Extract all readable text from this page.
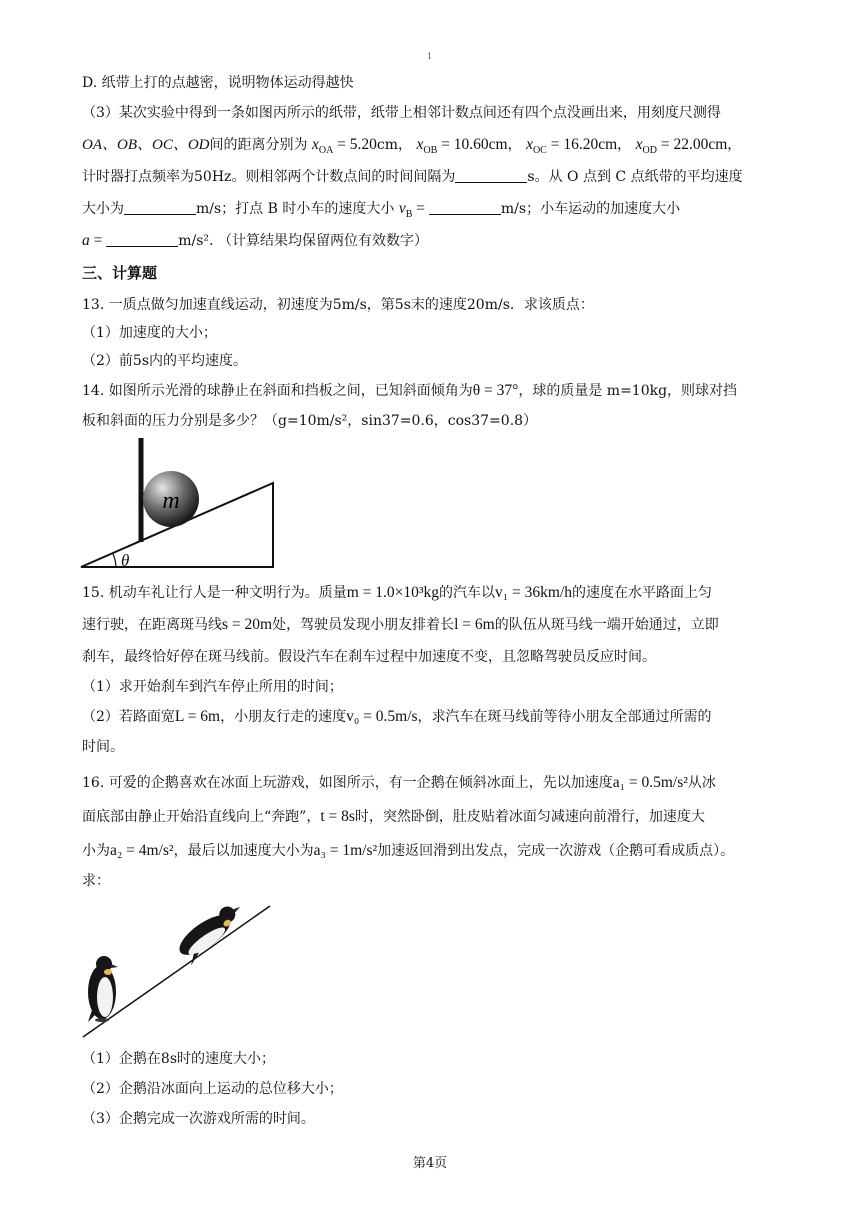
1
D. 纸带上打的点越密，说明物体运动得越快
（3）某次实验中得到一条如图丙所示的纸带，纸带上相邻计数点间还有四个点没画出来，用刻度尺测得
OA、OB、OC、OD间的距离分别为 $x_{OA} = 5.20cm$， $x_{OB} = 10.60cm$， $x_{OC} = 16.20cm$， $x_{OD} = 22.00cm$，
计时器打点频率为50Hz。则相邻两个计数点间的时间间隔为	s。从 O 点到 C 点纸带的平均速度
大小为	m/s；打点 B 时小车的速度大小 $v_B$ =	m/s；小车运动的加速度大小
a =	m/s². （计算结果均保留两位有效数字）
三、计算题
13. 一质点做匀加速直线运动，初速度为5m/s，第5s末的速度20m/s．求该质点：
（1）加速度的大小；
（2）前5s内的平均速度。
14. 如图所示光滑的球静止在斜面和挡板之间，已知斜面倾角为θ = 37°，球的质量是 m=10kg，则球对挡
板和斜面的压力分别是多少？（g=10m/s²，sin37=0.6，cos37=0.8）
m
θ
15. 机动车礼让行人是一种文明行为。质量m = 1.0×10³kg的汽车以v₁ = 36km/h的速度在水平路面上匀
速行驶，在距离斑马线s = 20m处，驾驶员发现小朋友排着长l = 6m的队伍从斑马线一端开始通过，立即
刹车，最终恰好停在斑马线前。假设汽车在刹车过程中加速度不变，且忽略驾驶员反应时间。
（1）求开始刹车到汽车停止所用的时间；
（2）若路面宽L = 6m，小朋友行走的速度v₀ = 0.5m/s，求汽车在斑马线前等待小朋友全部通过所需的
时间。
16. 可爱的企鹅喜欢在冰面上玩游戏，如图所示，有一企鹅在倾斜冰面上，先以加速度a₁ = 0.5m/s²从冰
面底部由静止开始沿直线向上“奔跑”，t = 8s时，突然卧倒，肚皮贴着冰面匀减速向前滑行，加速度大
小为a₂ = 4m/s²，最后以加速度大小为a₃ = 1m/s²加速返回滑到出发点，完成一次游戏（企鹅可看成质点）。
求：
（1）企鹅在8s时的速度大小；
（2）企鹅沿冰面向上运动的总位移大小；
（3）企鹅完成一次游戏所需的时间。
第4页
